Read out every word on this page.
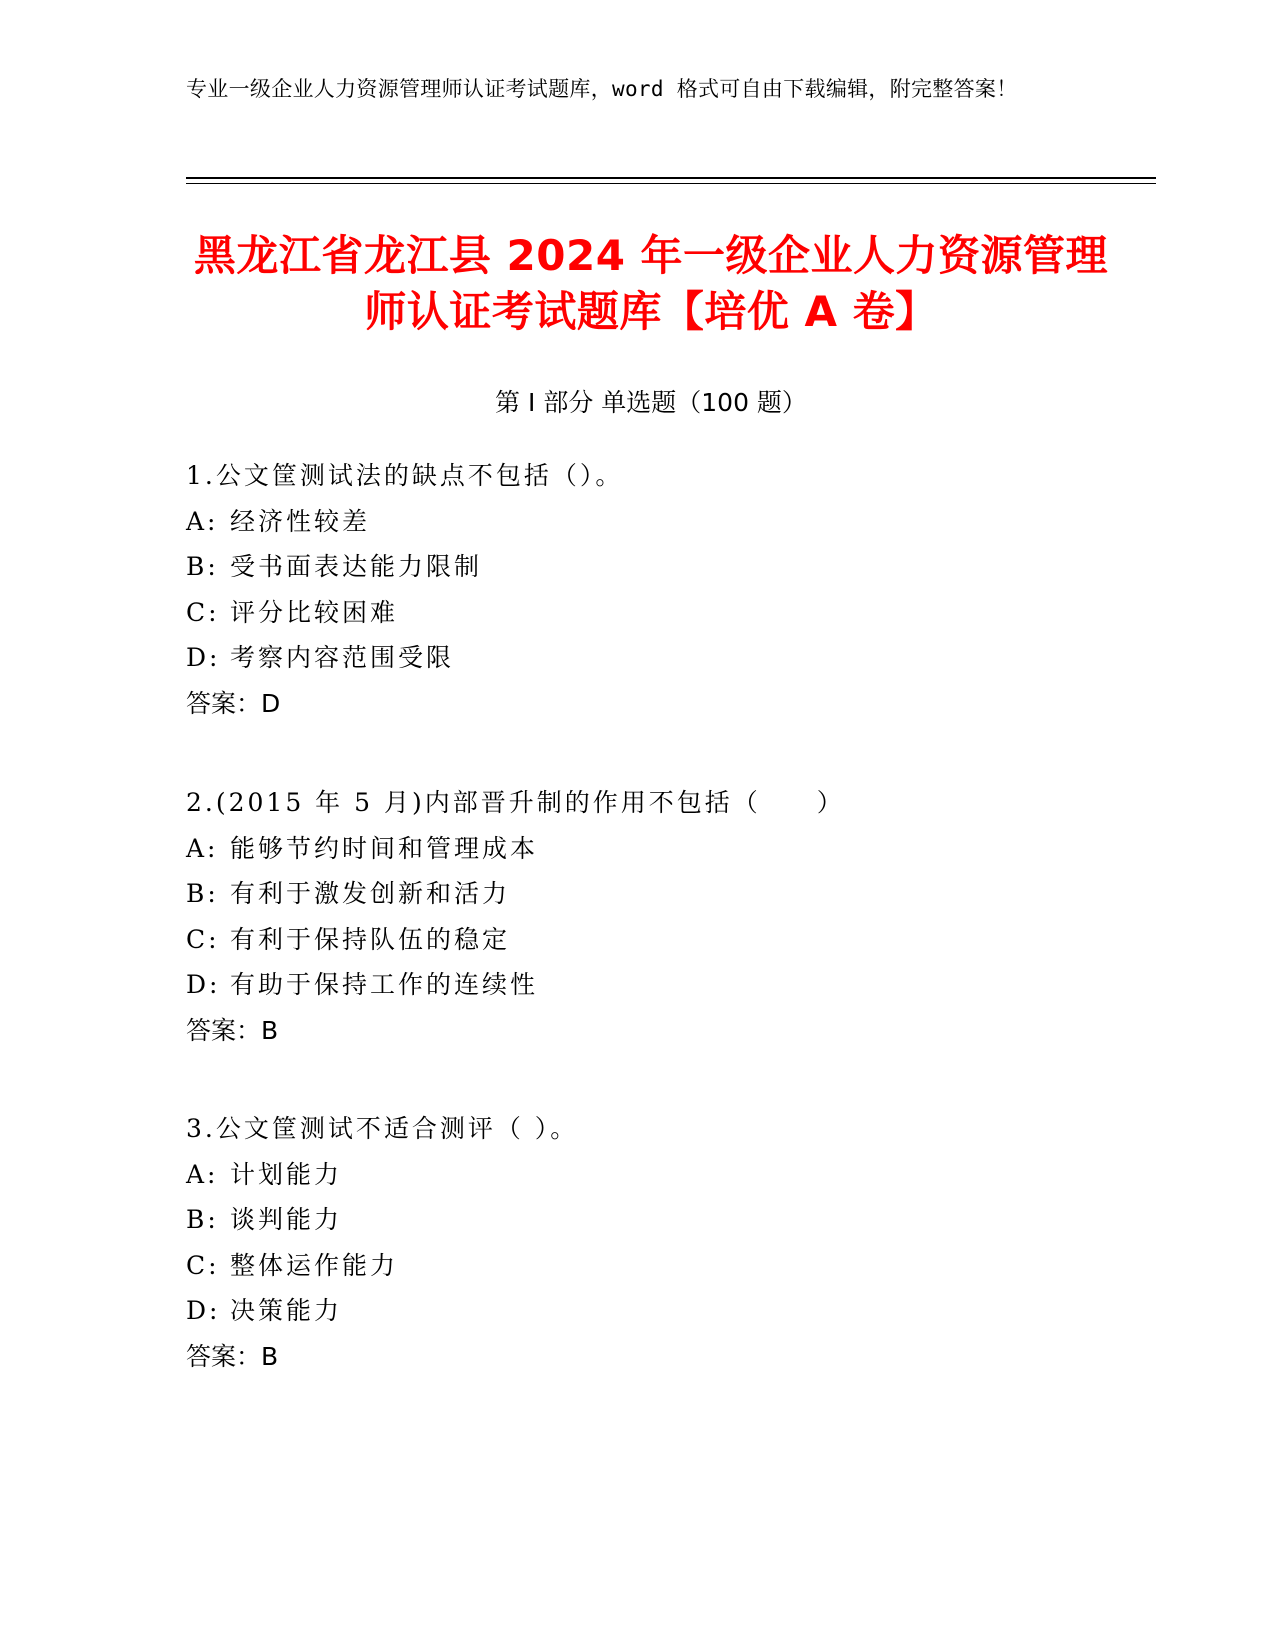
专业一级企业人力资源管理师认证考试题库，word 格式可自由下载编辑，附完整答案！
黑龙江省龙江县 2024 年一级企业人力资源管理师认证考试题库【培优 A 卷】
第 I 部分 单选题（100 题）
1.公文筐测试法的缺点不包括（）。
A: 经济性较差
B: 受书面表达能力限制
C: 评分比较困难
D: 考察内容范围受限
答案：D
2.(2015 年 5 月)内部晋升制的作用不包括（　　）
A: 能够节约时间和管理成本
B: 有利于激发创新和活力
C: 有利于保持队伍的稳定
D: 有助于保持工作的连续性
答案：B
3.公文筐测试不适合测评（ ）。
A: 计划能力
B: 谈判能力
C: 整体运作能力
D: 决策能力
答案：B
